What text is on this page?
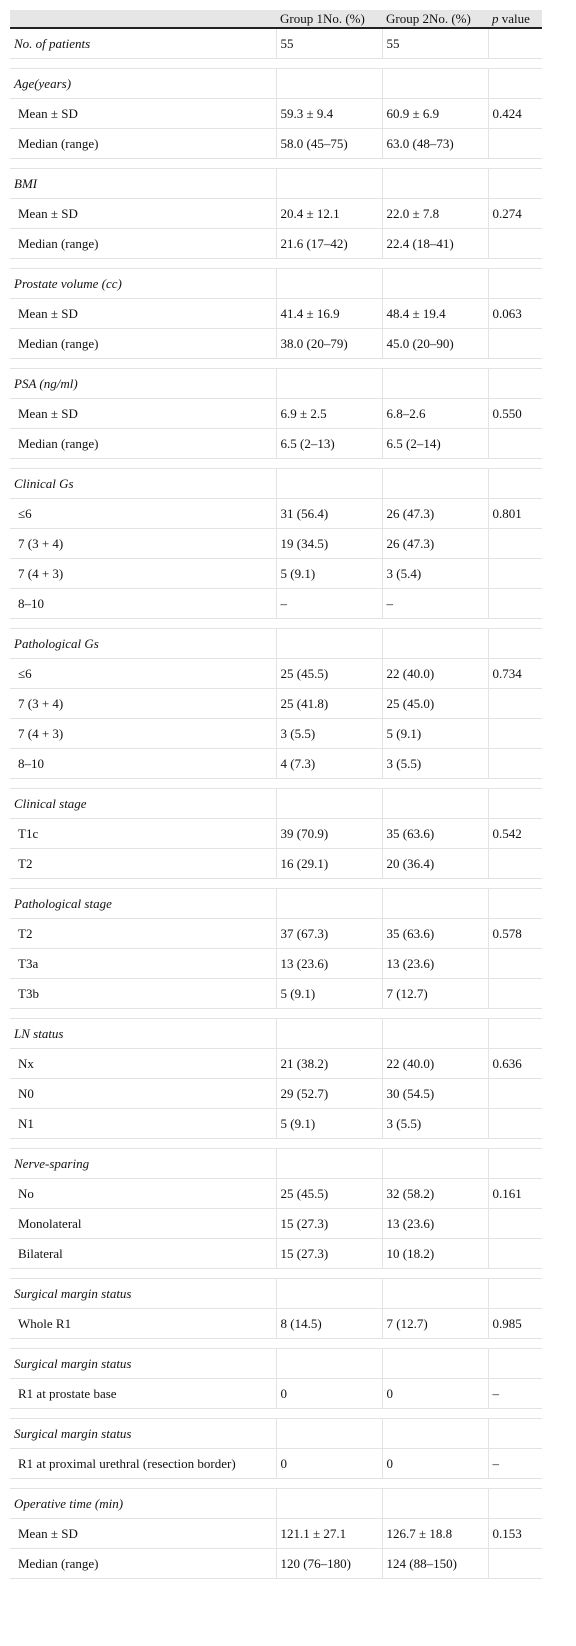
	Group 1No. (%)	Group 2No. (%)	p value
No. of patients	55	55	

Age(years)			
Mean ± SD	59.3 ± 9.4	60.9 ± 6.9	0.424
Median (range)	58.0 (45–75)	63.0 (48–73)	

BMI			
Mean ± SD	20.4 ± 12.1	22.0 ± 7.8	0.274
Median (range)	21.6 (17–42)	22.4 (18–41)	

Prostate volume (cc)			
Mean ± SD	41.4 ± 16.9	48.4 ± 19.4	0.063
Median (range)	38.0 (20–79)	45.0 (20–90)	

PSA (ng/ml)			
Mean ± SD	6.9 ± 2.5	6.8–2.6	0.550
Median (range)	6.5 (2–13)	6.5 (2–14)	

Clinical Gs			
≤6	31 (56.4)	26 (47.3)	0.801
7 (3 + 4)	19 (34.5)	26 (47.3)	
7 (4 + 3)	5 (9.1)	3 (5.4)	
8–10	–	–	

Pathological Gs			
≤6	25 (45.5)	22 (40.0)	0.734
7 (3 + 4)	25 (41.8)	25 (45.0)	
7 (4 + 3)	3 (5.5)	5 (9.1)	
8–10	4 (7.3)	3 (5.5)	

Clinical stage			
T1c	39 (70.9)	35 (63.6)	0.542
T2	16 (29.1)	20 (36.4)	

Pathological stage			
T2	37 (67.3)	35 (63.6)	0.578
T3a	13 (23.6)	13 (23.6)	
T3b	5 (9.1)	7 (12.7)	

LN status			
Nx	21 (38.2)	22 (40.0)	0.636
N0	29 (52.7)	30 (54.5)	
N1	5 (9.1)	3 (5.5)	

Nerve-sparing			
No	25 (45.5)	32 (58.2)	0.161
Monolateral	15 (27.3)	13 (23.6)	
Bilateral	15 (27.3)	10 (18.2)	

Surgical margin status			
Whole R1	8 (14.5)	7 (12.7)	0.985

Surgical margin status			
R1 at prostate base	0	0	–

Surgical margin status			
R1 at proximal urethral (resection border)	0	0	–

Operative time (min)			
Mean ± SD	121.1 ± 27.1	126.7 ± 18.8	0.153
Median (range)	120 (76–180)	124 (88–150)	
